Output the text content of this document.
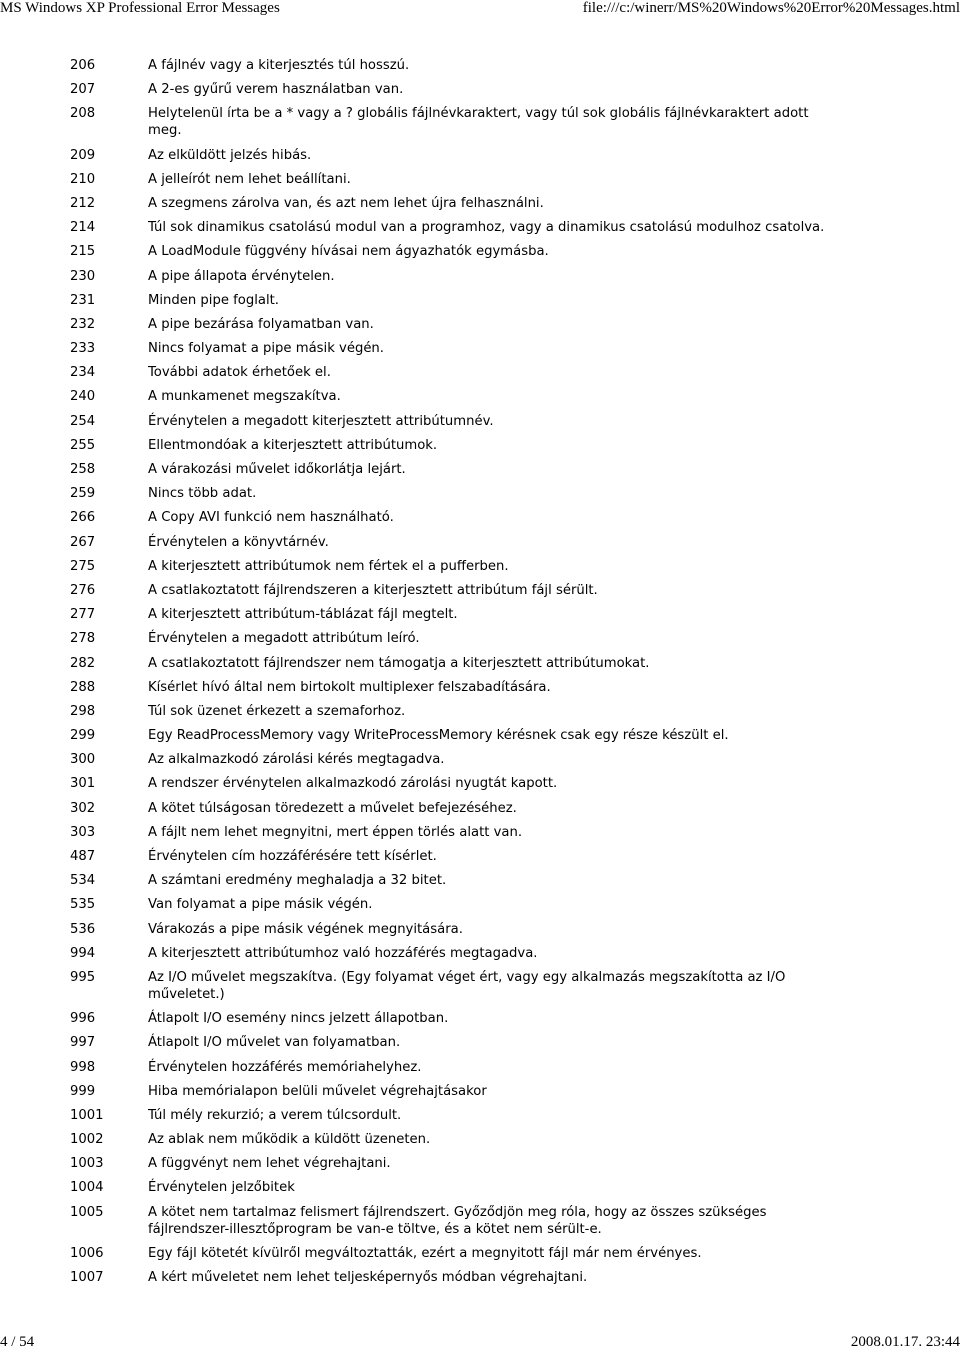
MS Windows XP Professional Error Messages	file:///c:/winerr/MS%20Windows%20Error%20Messages.html
206	A fájlnév vagy a kiterjesztés túl hosszú.
207	A 2-es gyűrű verem használatban van.
208	Helytelenül írta be a * vagy a ? globális fájlnévkaraktert, vagy túl sok globális fájlnévkaraktert adott meg.
209	Az elküldött jelzés hibás.
210	A jelleírót nem lehet beállítani.
212	A szegmens zárolva van, és azt nem lehet újra felhasználni.
214	Túl sok dinamikus csatolású modul van a programhoz, vagy a dinamikus csatolású modulhoz csatolva.
215	A LoadModule függvény hívásai nem ágyazhatók egymásba.
230	A pipe állapota érvénytelen.
231	Minden pipe foglalt.
232	A pipe bezárása folyamatban van.
233	Nincs folyamat a pipe másik végén.
234	További adatok érhetőek el.
240	A munkamenet megszakítva.
254	Érvénytelen a megadott kiterjesztett attribútumnév.
255	Ellentmondóak a kiterjesztett attribútumok.
258	A várakozási művelet időkorlátja lejárt.
259	Nincs több adat.
266	A Copy AVI funkció nem használható.
267	Érvénytelen a könyvtárnév.
275	A kiterjesztett attribútumok nem fértek el a pufferben.
276	A csatlakoztatott fájlrendszeren a kiterjesztett attribútum fájl sérült.
277	A kiterjesztett attribútum-táblázat fájl megtelt.
278	Érvénytelen a megadott attribútum leíró.
282	A csatlakoztatott fájlrendszer nem támogatja a kiterjesztett attribútumokat.
288	Kísérlet hívó által nem birtokolt multiplexer felszabadítására.
298	Túl sok üzenet érkezett a szemaforhoz.
299	Egy ReadProcessMemory vagy WriteProcessMemory kérésnek csak egy része készült el.
300	Az alkalmazkodó zárolási kérés megtagadva.
301	A rendszer érvénytelen alkalmazkodó zárolási nyugtát kapott.
302	A kötet túlságosan töredezett a művelet befejezéséhez.
303	A fájlt nem lehet megnyitni, mert éppen törlés alatt van.
487	Érvénytelen cím hozzáférésére tett kísérlet.
534	A számtani eredmény meghaladja a 32 bitet.
535	Van folyamat a pipe másik végén.
536	Várakozás a pipe másik végének megnyitására.
994	A kiterjesztett attribútumhoz való hozzáférés megtagadva.
995	Az I/O művelet megszakítva. (Egy folyamat véget ért, vagy egy alkalmazás megszakította az I/O műveletet.)
996	Átlapolt I/O esemény nincs jelzett állapotban.
997	Átlapolt I/O művelet van folyamatban.
998	Érvénytelen hozzáférés memóriahelyhez.
999	Hiba memórialapon belüli művelet végrehajtásakor
1001	Túl mély rekurzió; a verem túlcsordult.
1002	Az ablak nem működik a küldött üzeneten.
1003	A függvényt nem lehet végrehajtani.
1004	Érvénytelen jelzőbitek
1005	A kötet nem tartalmaz felismert fájlrendszert. Győződjön meg róla, hogy az összes szükséges fájlrendszer-illesztőprogram be van-e töltve, és a kötet nem sérült-e.
1006	Egy fájl kötetét kívülről megváltoztatták, ezért a megnyitott fájl már nem érvényes.
1007	A kért műveletet nem lehet teljesképernyős módban végrehajtani.
4 / 54	2008.01.17. 23:44
